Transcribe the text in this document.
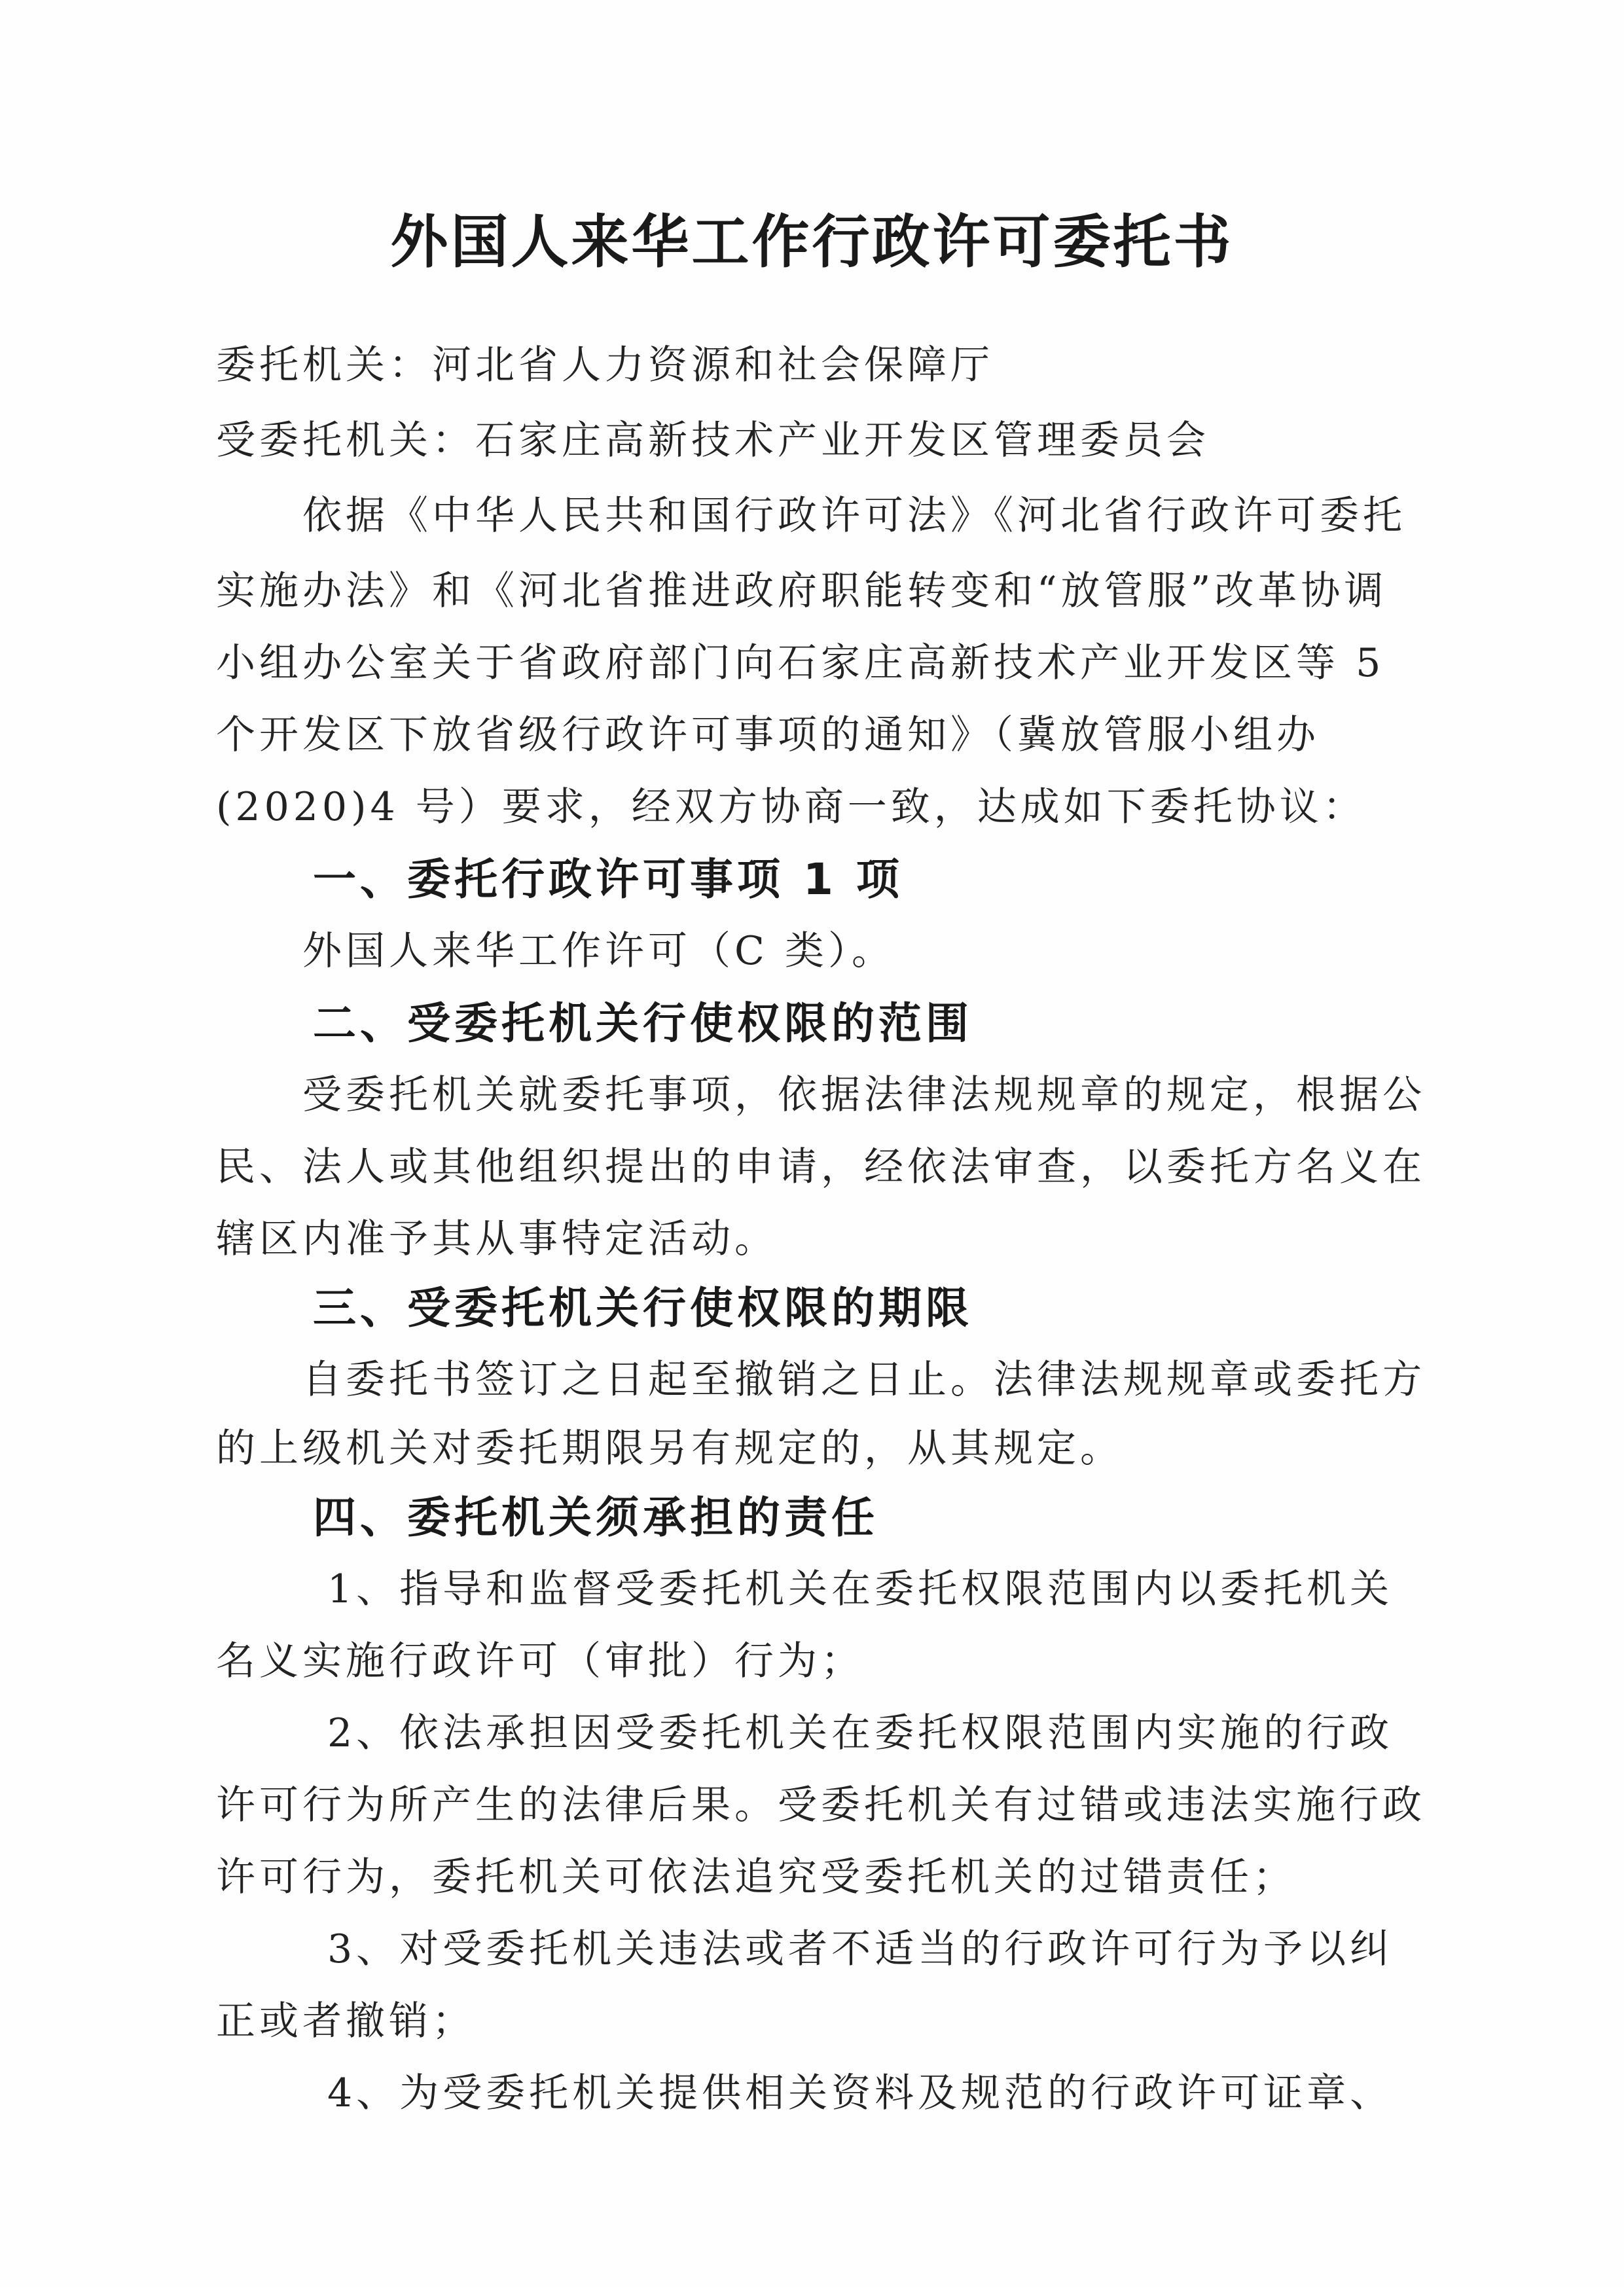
外国人来华工作行政许可委托书
委托机关：河北省人力资源和社会保障厅
受委托机关：石家庄高新技术产业开发区管理委员会
依据《中华人民共和国行政许可法》《河北省行政许可委托
实施办法》和《河北省推进政府职能转变和“放管服”改革协调
小组办公室关于省政府部门向石家庄高新技术产业开发区等 5
个开发区下放省级行政许可事项的通知》（冀放管服小组办
(2020)4 号）要求，经双方协商一致，达成如下委托协议：
一、委托行政许可事项 1 项
外国人来华工作许可（C 类）。
二、受委托机关行使权限的范围
受委托机关就委托事项，依据法律法规规章的规定，根据公
民、法人或其他组织提出的申请，经依法审查，以委托方名义在
辖区内准予其从事特定活动。
三、受委托机关行使权限的期限
自委托书签订之日起至撤销之日止。法律法规规章或委托方
的上级机关对委托期限另有规定的，从其规定。
四、委托机关须承担的责任
1、指导和监督受委托机关在委托权限范围内以委托机关
名义实施行政许可（审批）行为；
2、依法承担因受委托机关在委托权限范围内实施的行政
许可行为所产生的法律后果。受委托机关有过错或违法实施行政
许可行为，委托机关可依法追究受委托机关的过错责任；
3、对受委托机关违法或者不适当的行政许可行为予以纠
正或者撤销；
4、为受委托机关提供相关资料及规范的行政许可证章、
